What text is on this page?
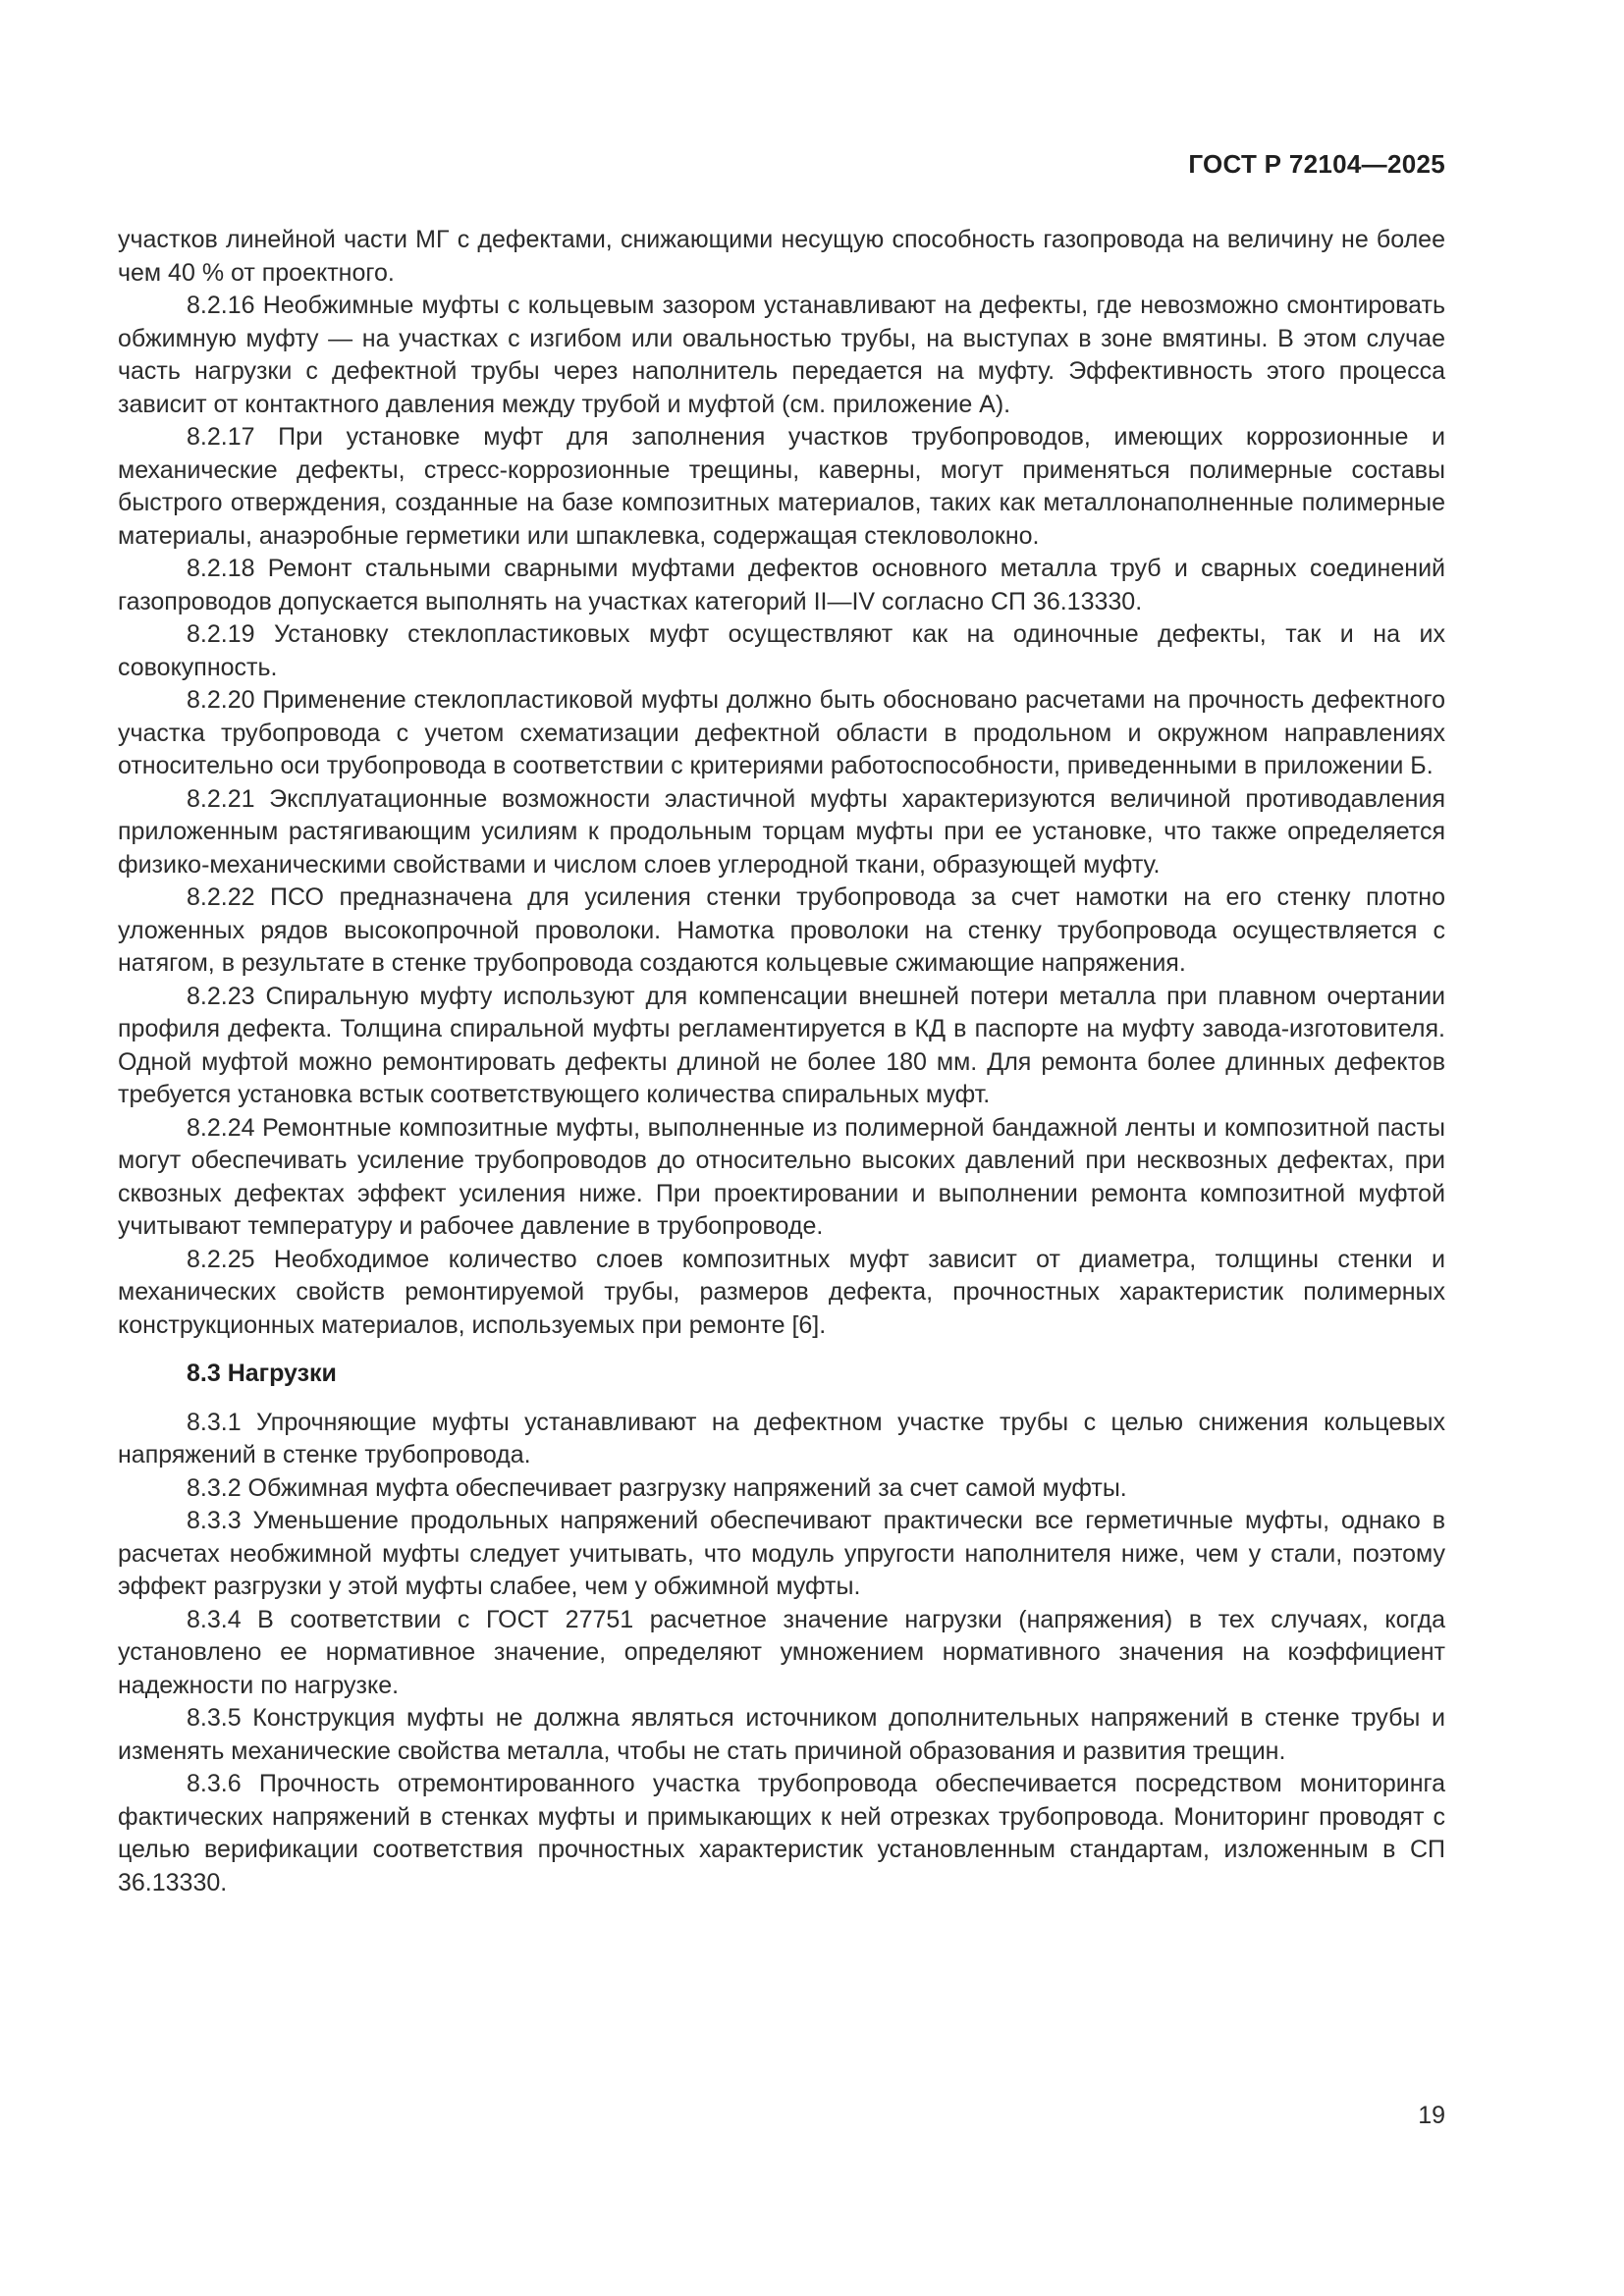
ГОСТ Р 72104—2025

участков линейной части МГ с дефектами, снижающими несущую способность газопровода на величину не более чем 40 % от проектного.

8.2.16 Необжимные муфты с кольцевым зазором устанавливают на дефекты, где невозможно смонтировать обжимную муфту — на участках с изгибом или овальностью трубы, на выступах в зоне вмятины. В этом случае часть нагрузки с дефектной трубы через наполнитель передается на муфту. Эффективность этого процесса зависит от контактного давления между трубой и муфтой (см. приложение А).

8.2.17 При установке муфт для заполнения участков трубопроводов, имеющих коррозионные и механические дефекты, стресс-коррозионные трещины, каверны, могут применяться полимерные составы быстрого отверждения, созданные на базе композитных материалов, таких как металлонаполненные полимерные материалы, анаэробные герметики или шпаклевка, содержащая стекловолокно.

8.2.18 Ремонт стальными сварными муфтами дефектов основного металла труб и сварных соединений газопроводов допускается выполнять на участках категорий II—IV согласно СП 36.13330.

8.2.19 Установку стеклопластиковых муфт осуществляют как на одиночные дефекты, так и на их совокупность.

8.2.20 Применение стеклопластиковой муфты должно быть обосновано расчетами на прочность дефектного участка трубопровода с учетом схематизации дефектной области в продольном и окружном направлениях относительно оси трубопровода в соответствии с критериями работоспособности, приведенными в приложении Б.

8.2.21 Эксплуатационные возможности эластичной муфты характеризуются величиной противодавления приложенным растягивающим усилиям к продольным торцам муфты при ее установке, что также определяется физико-механическими свойствами и числом слоев углеродной ткани, образующей муфту.

8.2.22 ПСО предназначена для усиления стенки трубопровода за счет намотки на его стенку плотно уложенных рядов высокопрочной проволоки. Намотка проволоки на стенку трубопровода осуществляется с натягом, в результате в стенке трубопровода создаются кольцевые сжимающие напряжения.

8.2.23 Спиральную муфту используют для компенсации внешней потери металла при плавном очертании профиля дефекта. Толщина спиральной муфты регламентируется в КД в паспорте на муфту завода-изготовителя. Одной муфтой можно ремонтировать дефекты длиной не более 180 мм. Для ремонта более длинных дефектов требуется установка встык соответствующего количества спиральных муфт.

8.2.24 Ремонтные композитные муфты, выполненные из полимерной бандажной ленты и композитной пасты могут обеспечивать усиление трубопроводов до относительно высоких давлений при несквозных дефектах, при сквозных дефектах эффект усиления ниже. При проектировании и выполнении ремонта композитной муфтой учитывают температуру и рабочее давление в трубопроводе.

8.2.25 Необходимое количество слоев композитных муфт зависит от диаметра, толщины стенки и механических свойств ремонтируемой трубы, размеров дефекта, прочностных характеристик полимерных конструкционных материалов, используемых при ремонте [6].

8.3 Нагрузки

8.3.1 Упрочняющие муфты устанавливают на дефектном участке трубы с целью снижения кольцевых напряжений в стенке трубопровода.

8.3.2 Обжимная муфта обеспечивает разгрузку напряжений за счет самой муфты.

8.3.3 Уменьшение продольных напряжений обеспечивают практически все герметичные муфты, однако в расчетах необжимной муфты следует учитывать, что модуль упругости наполнителя ниже, чем у стали, поэтому эффект разгрузки у этой муфты слабее, чем у обжимной муфты.

8.3.4 В соответствии с ГОСТ 27751 расчетное значение нагрузки (напряжения) в тех случаях, когда установлено ее нормативное значение, определяют умножением нормативного значения на коэффициент надежности по нагрузке.

8.3.5 Конструкция муфты не должна являться источником дополнительных напряжений в стенке трубы и изменять механические свойства металла, чтобы не стать причиной образования и развития трещин.

8.3.6 Прочность отремонтированного участка трубопровода обеспечивается посредством мониторинга фактических напряжений в стенках муфты и примыкающих к ней отрезках трубопровода. Мониторинг проводят с целью верификации соответствия прочностных характеристик установленным стандартам, изложенным в СП 36.13330.

19
